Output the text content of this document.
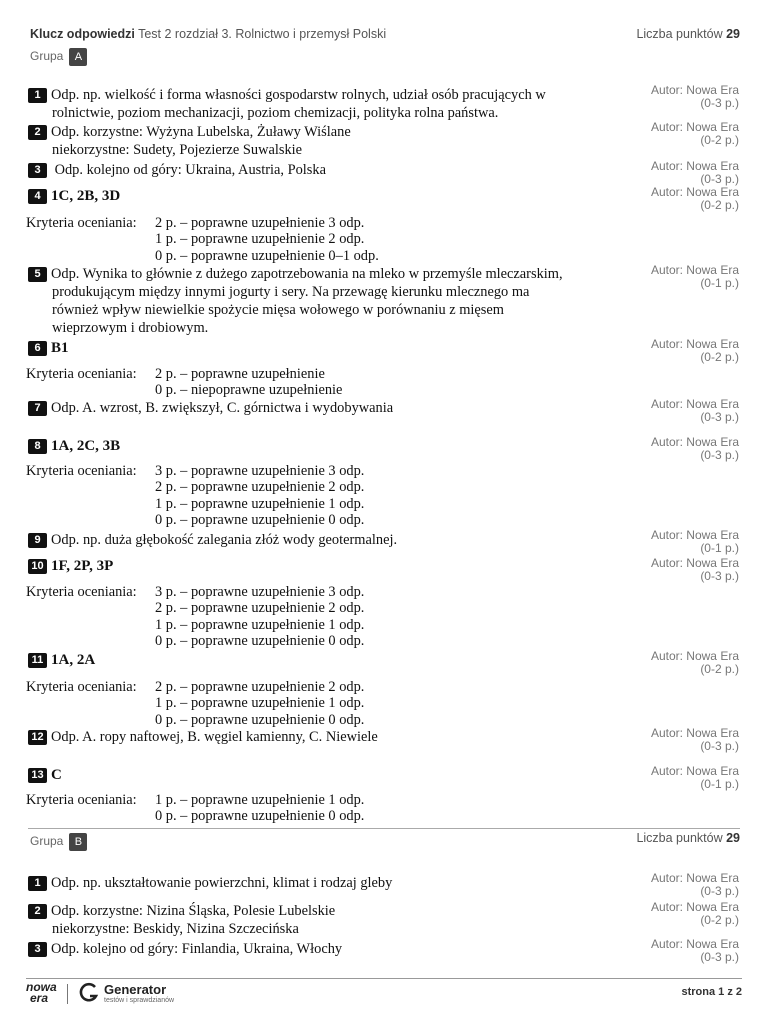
Klucz odpowiedzi Test 2 rozdział 3. Rolnictwo i przemysł Polski	Liczba punktów 29
Grupa A
1 Odp. np. wielkość i forma własności gospodarstw rolnych, udział osób pracujących w
rolnictwie, poziom mechanizacji, poziom chemizacji, polityka rolna państwa.
Autor: Nowa Era
(0-3 p.)
2 Odp. korzystne: Wyżyna Lubelska, Żuławy Wiślane
niekorzystne: Sudety, Pojezierze Suwalskie
Autor: Nowa Era
(0-2 p.)
3 Odp. kolejno od góry: Ukraina, Austria, Polska	Autor: Nowa Era
(0-3 p.)
4 1C, 2B, 3D	Autor: Nowa Era
(0-2 p.)
Kryteria oceniania: 2 p. – poprawne uzupełnienie 3 odp.
1 p. – poprawne uzupełnienie 2 odp.
0 p. – poprawne uzupełnienie 0–1 odp.
5 Odp. Wynika to głównie z dużego zapotrzebowania na mleko w przemyśle mleczarskim,
produkującym między innymi jogurty i sery. Na przewagę kierunku mlecznego ma
również wpływ niewielkie spożycie mięsa wołowego w porównaniu z mięsem
wieprzowym i drobiowym.
Autor: Nowa Era
(0-1 p.)
6 B1	Autor: Nowa Era
(0-2 p.)
Kryteria oceniania: 2 p. – poprawne uzupełnienie
0 p. – niepoprawne uzupełnienie
7 Odp. A. wzrost, B. zwiększył, C. górnictwa i wydobywania	Autor: Nowa Era
(0-3 p.)
8 1A, 2C, 3B	Autor: Nowa Era
(0-3 p.)
Kryteria oceniania: 3 p. – poprawne uzupełnienie 3 odp.
2 p. – poprawne uzupełnienie 2 odp.
1 p. – poprawne uzupełnienie 1 odp.
0 p. – poprawne uzupełnienie 0 odp.
9 Odp. np. duża głębokość zalegania złóż wody geotermalnej.	Autor: Nowa Era
(0-1 p.)
10 1F, 2P, 3P	Autor: Nowa Era
(0-3 p.)
Kryteria oceniania: 3 p. – poprawne uzupełnienie 3 odp.
2 p. – poprawne uzupełnienie 2 odp.
1 p. – poprawne uzupełnienie 1 odp.
0 p. – poprawne uzupełnienie 0 odp.
11 1A, 2A	Autor: Nowa Era
(0-2 p.)
Kryteria oceniania: 2 p. – poprawne uzupełnienie 2 odp.
1 p. – poprawne uzupełnienie 1 odp.
0 p. – poprawne uzupełnienie 0 odp.
12 Odp. A. ropy naftowej, B. węgiel kamienny, C. Niewiele	Autor: Nowa Era
(0-3 p.)
13 C	Autor: Nowa Era
(0-1 p.)
Kryteria oceniania: 1 p. – poprawne uzupełnienie 1 odp.
0 p. – poprawne uzupełnienie 0 odp.
Grupa B	Liczba punktów 29
1 Odp. np. ukształtowanie powierzchni, klimat i rodzaj gleby	Autor: Nowa Era
(0-3 p.)
2 Odp. korzystne: Nizina Śląska, Polesie Lubelskie
niekorzystne: Beskidy, Nizina Szczecińska
Autor: Nowa Era
(0-2 p.)
3 Odp. kolejno od góry: Finlandia, Ukraina, Włochy	Autor: Nowa Era
(0-3 p.)
nowa
era
Generator
testów i sprawdzianów
strona 1 z 2
